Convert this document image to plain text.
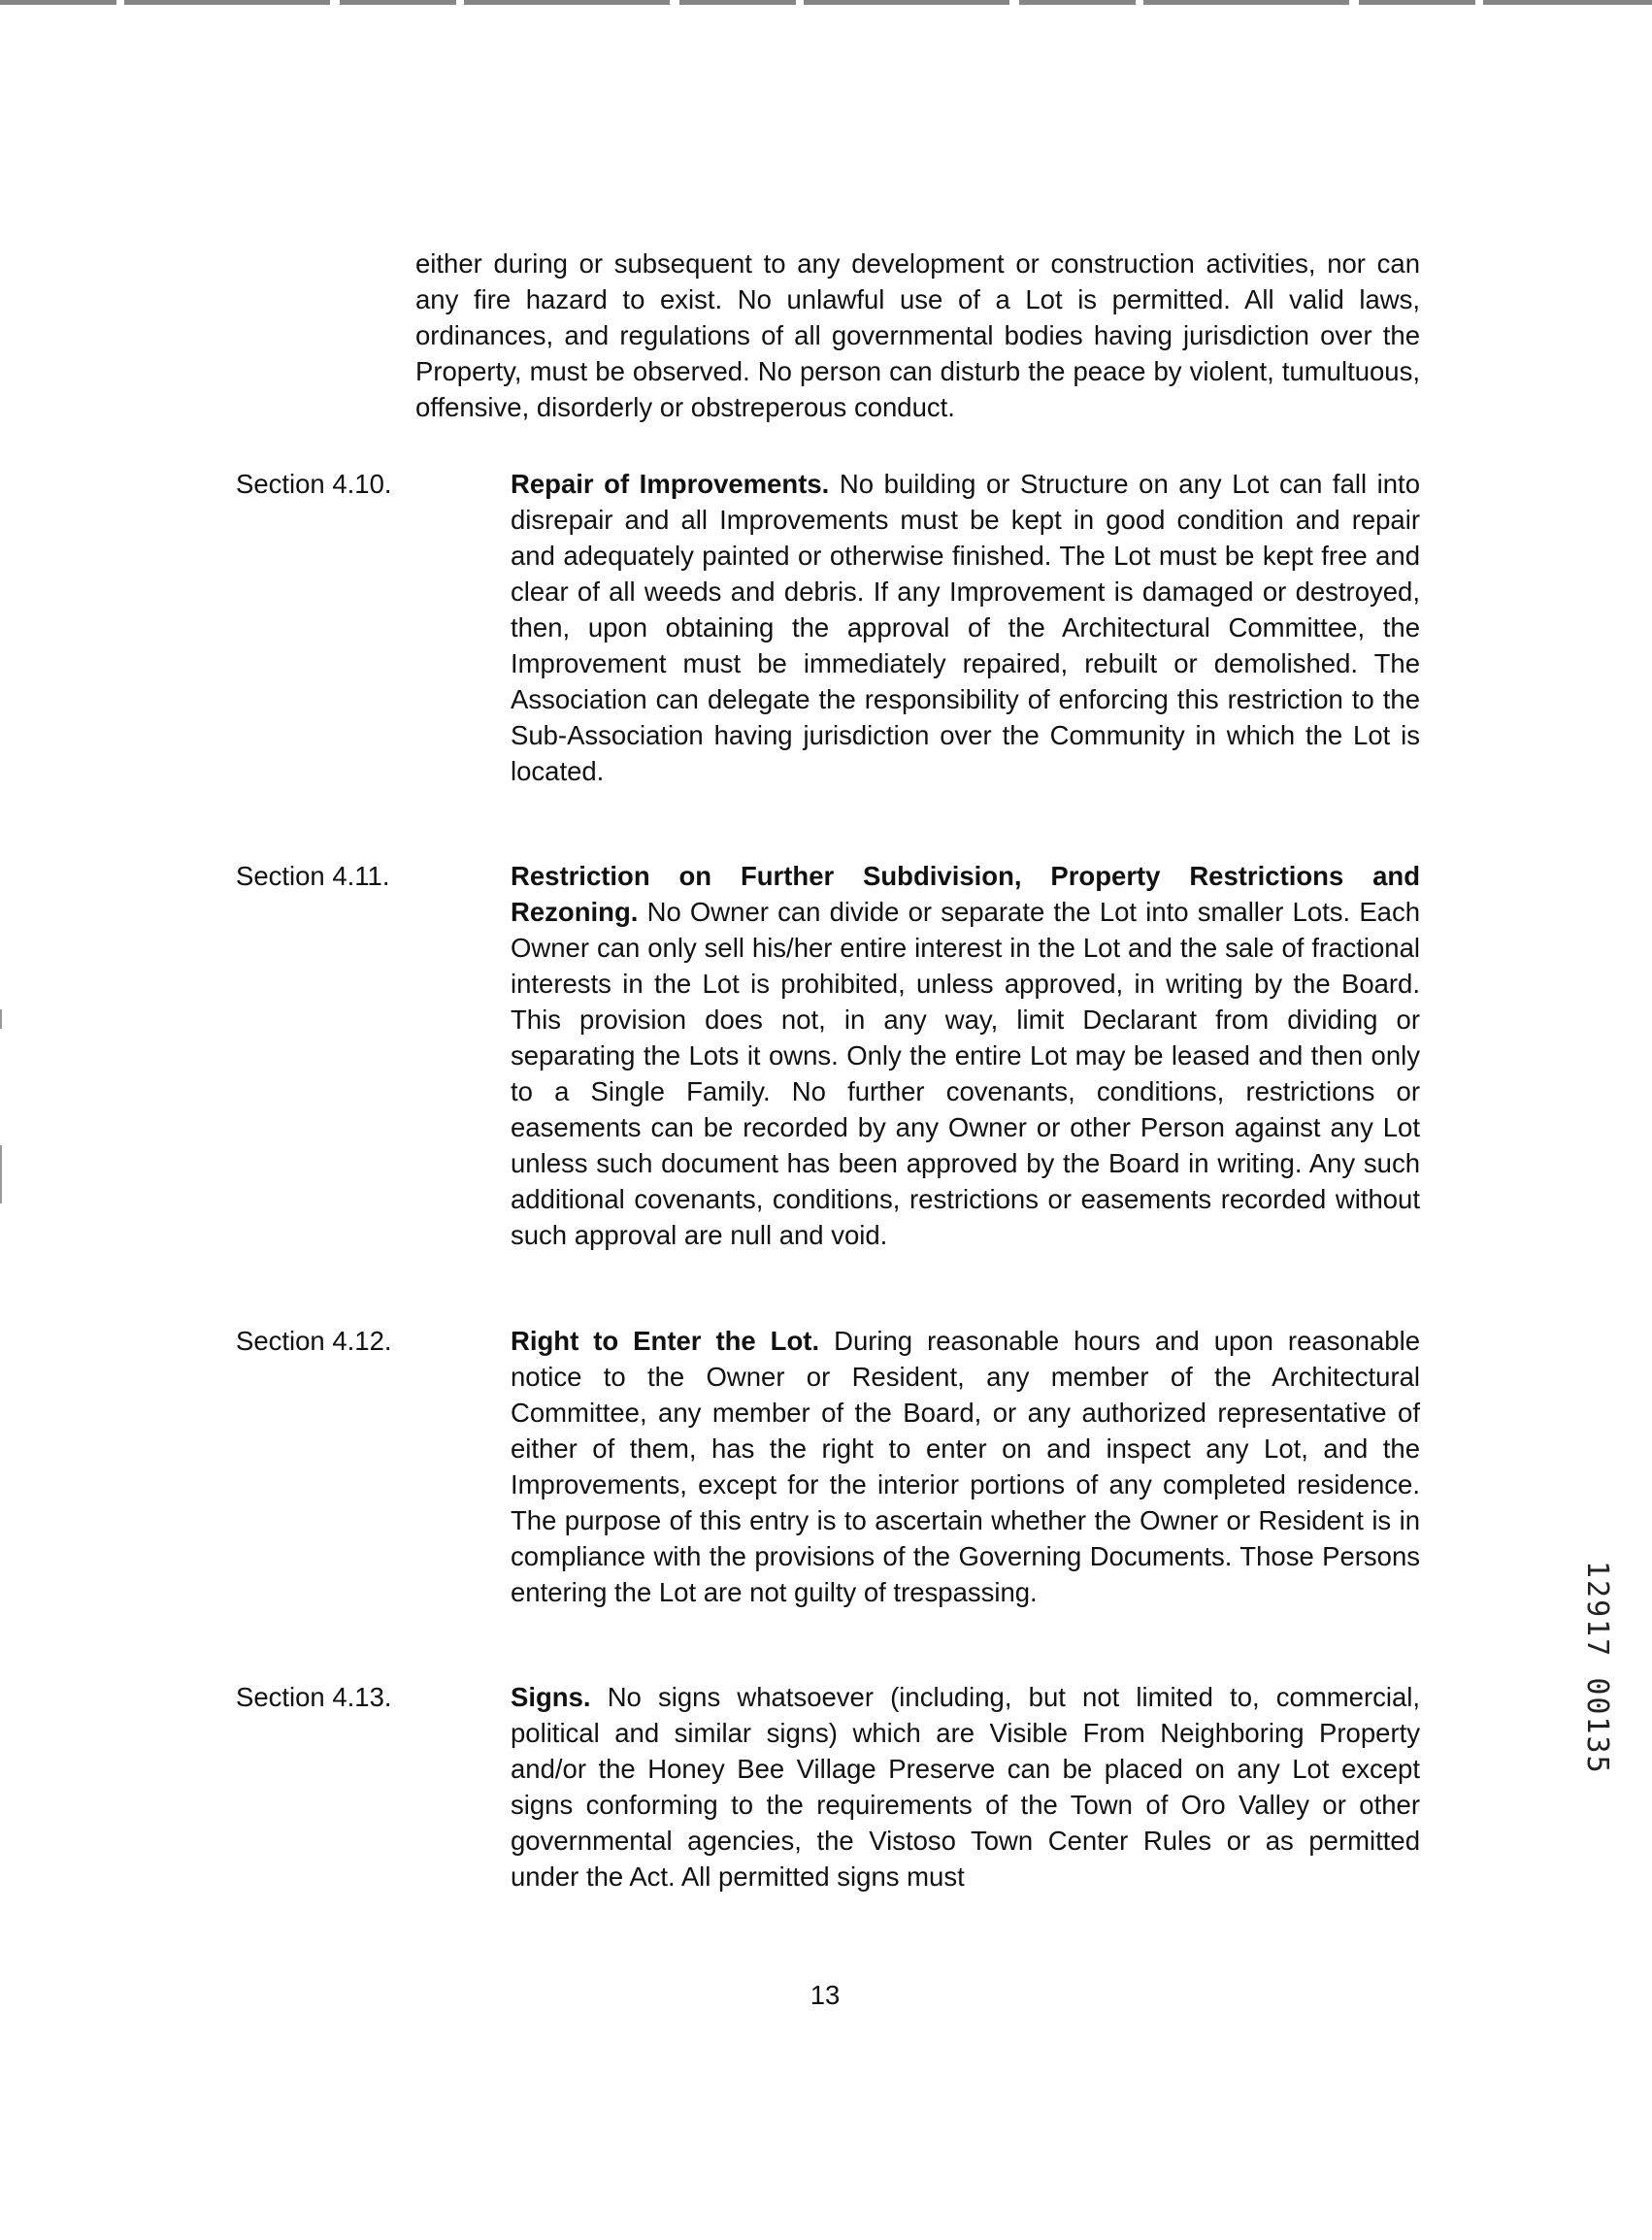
either during or subsequent to any development or construction activities, nor can any fire hazard to exist. No unlawful use of a Lot is permitted. All valid laws, ordinances, and regulations of all governmental bodies having jurisdiction over the Property, must be observed. No person can disturb the peace by violent, tumultuous, offensive, disorderly or obstreperous conduct.

Section 4.10.	Repair of Improvements. No building or Structure on any Lot can fall into disrepair and all Improvements must be kept in good condition and repair and adequately painted or otherwise finished. The Lot must be kept free and clear of all weeds and debris. If any Improvement is damaged or destroyed, then, upon obtaining the approval of the Architectural Committee, the Improvement must be immediately repaired, rebuilt or demolished. The Association can delegate the responsibility of enforcing this restriction to the Sub-Association having jurisdiction over the Community in which the Lot is located.

Section 4.11.	Restriction on Further Subdivision, Property Restrictions and Rezoning. No Owner can divide or separate the Lot into smaller Lots. Each Owner can only sell his/her entire interest in the Lot and the sale of fractional interests in the Lot is prohibited, unless approved, in writing by the Board. This provision does not, in any way, limit Declarant from dividing or separating the Lots it owns. Only the entire Lot may be leased and then only to a Single Family. No further covenants, conditions, restrictions or easements can be recorded by any Owner or other Person against any Lot unless such document has been approved by the Board in writing. Any such additional covenants, conditions, restrictions or easements recorded without such approval are null and void.

Section 4.12.	Right to Enter the Lot. During reasonable hours and upon reasonable notice to the Owner or Resident, any member of the Architectural Committee, any member of the Board, or any authorized representative of either of them, has the right to enter on and inspect any Lot, and the Improvements, except for the interior portions of any completed residence. The purpose of this entry is to ascertain whether the Owner or Resident is in compliance with the provisions of the Governing Documents. Those Persons entering the Lot are not guilty of trespassing.

Section 4.13.	Signs. No signs whatsoever (including, but not limited to, commercial, political and similar signs) which are Visible From Neighboring Property and/or the Honey Bee Village Preserve can be placed on any Lot except signs conforming to the requirements of the Town of Oro Valley or other governmental agencies, the Vistoso Town Center Rules or as permitted under the Act. All permitted signs must

13

12917 00135
